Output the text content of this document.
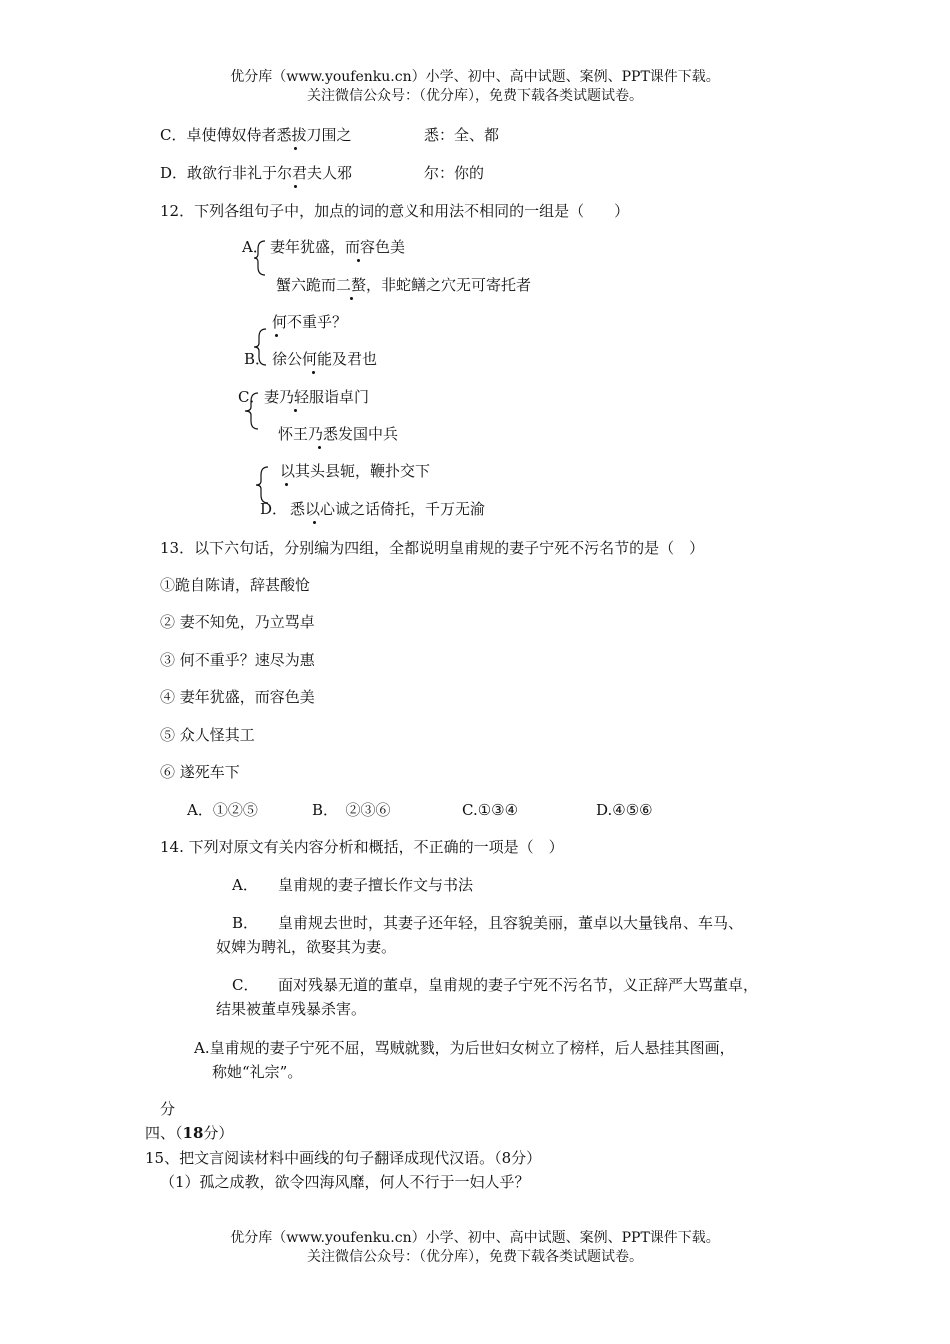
优分库（www.youfenku.cn）小学、初中、高中试题、案例、PPT课件下载。
关注微信公众号：（优分库），免费下载各类试题试卷。
C．卓使傅奴侍者悉拔刀围之	悉：全、都
D．敢欲行非礼于尔君夫人邪	尔：你的
12．下列各组句子中，加点的词的意义和用法不相同的一组是（　　）
A． 妻年犹盛，而容色美
蟹六跪而二螯，非蛇鳝之穴无可寄托者
何不重乎？
B． 徐公何能及君也
C． 妻乃轻服诣卓门
怀王乃悉发国中兵
以其头县轭，鞭扑交下
D． 悉以心诚之话倚托，千万无渝
13．以下六句话，分别编为四组，全都说明皇甫规的妻子宁死不污名节的是（　）
①跪自陈请，辞甚酸怆
② 妻不知免，乃立骂卓
③ 何不重乎？速尽为惠
④ 妻年犹盛，而容色美
⑤ 众人怪其工
⑥ 遂死车下
A．①②⑤	B．　②③⑥	C.①③④	D.④⑤⑥
14. 下列对原文有关内容分析和概括，不正确的一项是（　）
A． 皇甫规的妻子擅长作文与书法
B． 皇甫规去世时，其妻子还年轻，且容貌美丽，董卓以大量钱帛、车马、
奴婢为聘礼，欲娶其为妻。
C． 面对残暴无道的董卓，皇甫规的妻子宁死不污名节，义正辞严大骂董卓，
结果被董卓残暴杀害。
A.皇甫规的妻子宁死不屈，骂贼就戮，为后世妇女树立了榜样，后人悬挂其图画，
称她“礼宗”。
分
四、（18分）
15、把文言阅读材料中画线的句子翻译成现代汉语。（8分）
（1）孤之成教，欲令四海风靡，何人不行于一妇人乎？
优分库（www.youfenku.cn）小学、初中、高中试题、案例、PPT课件下载。
关注微信公众号：（优分库），免费下载各类试题试卷。
